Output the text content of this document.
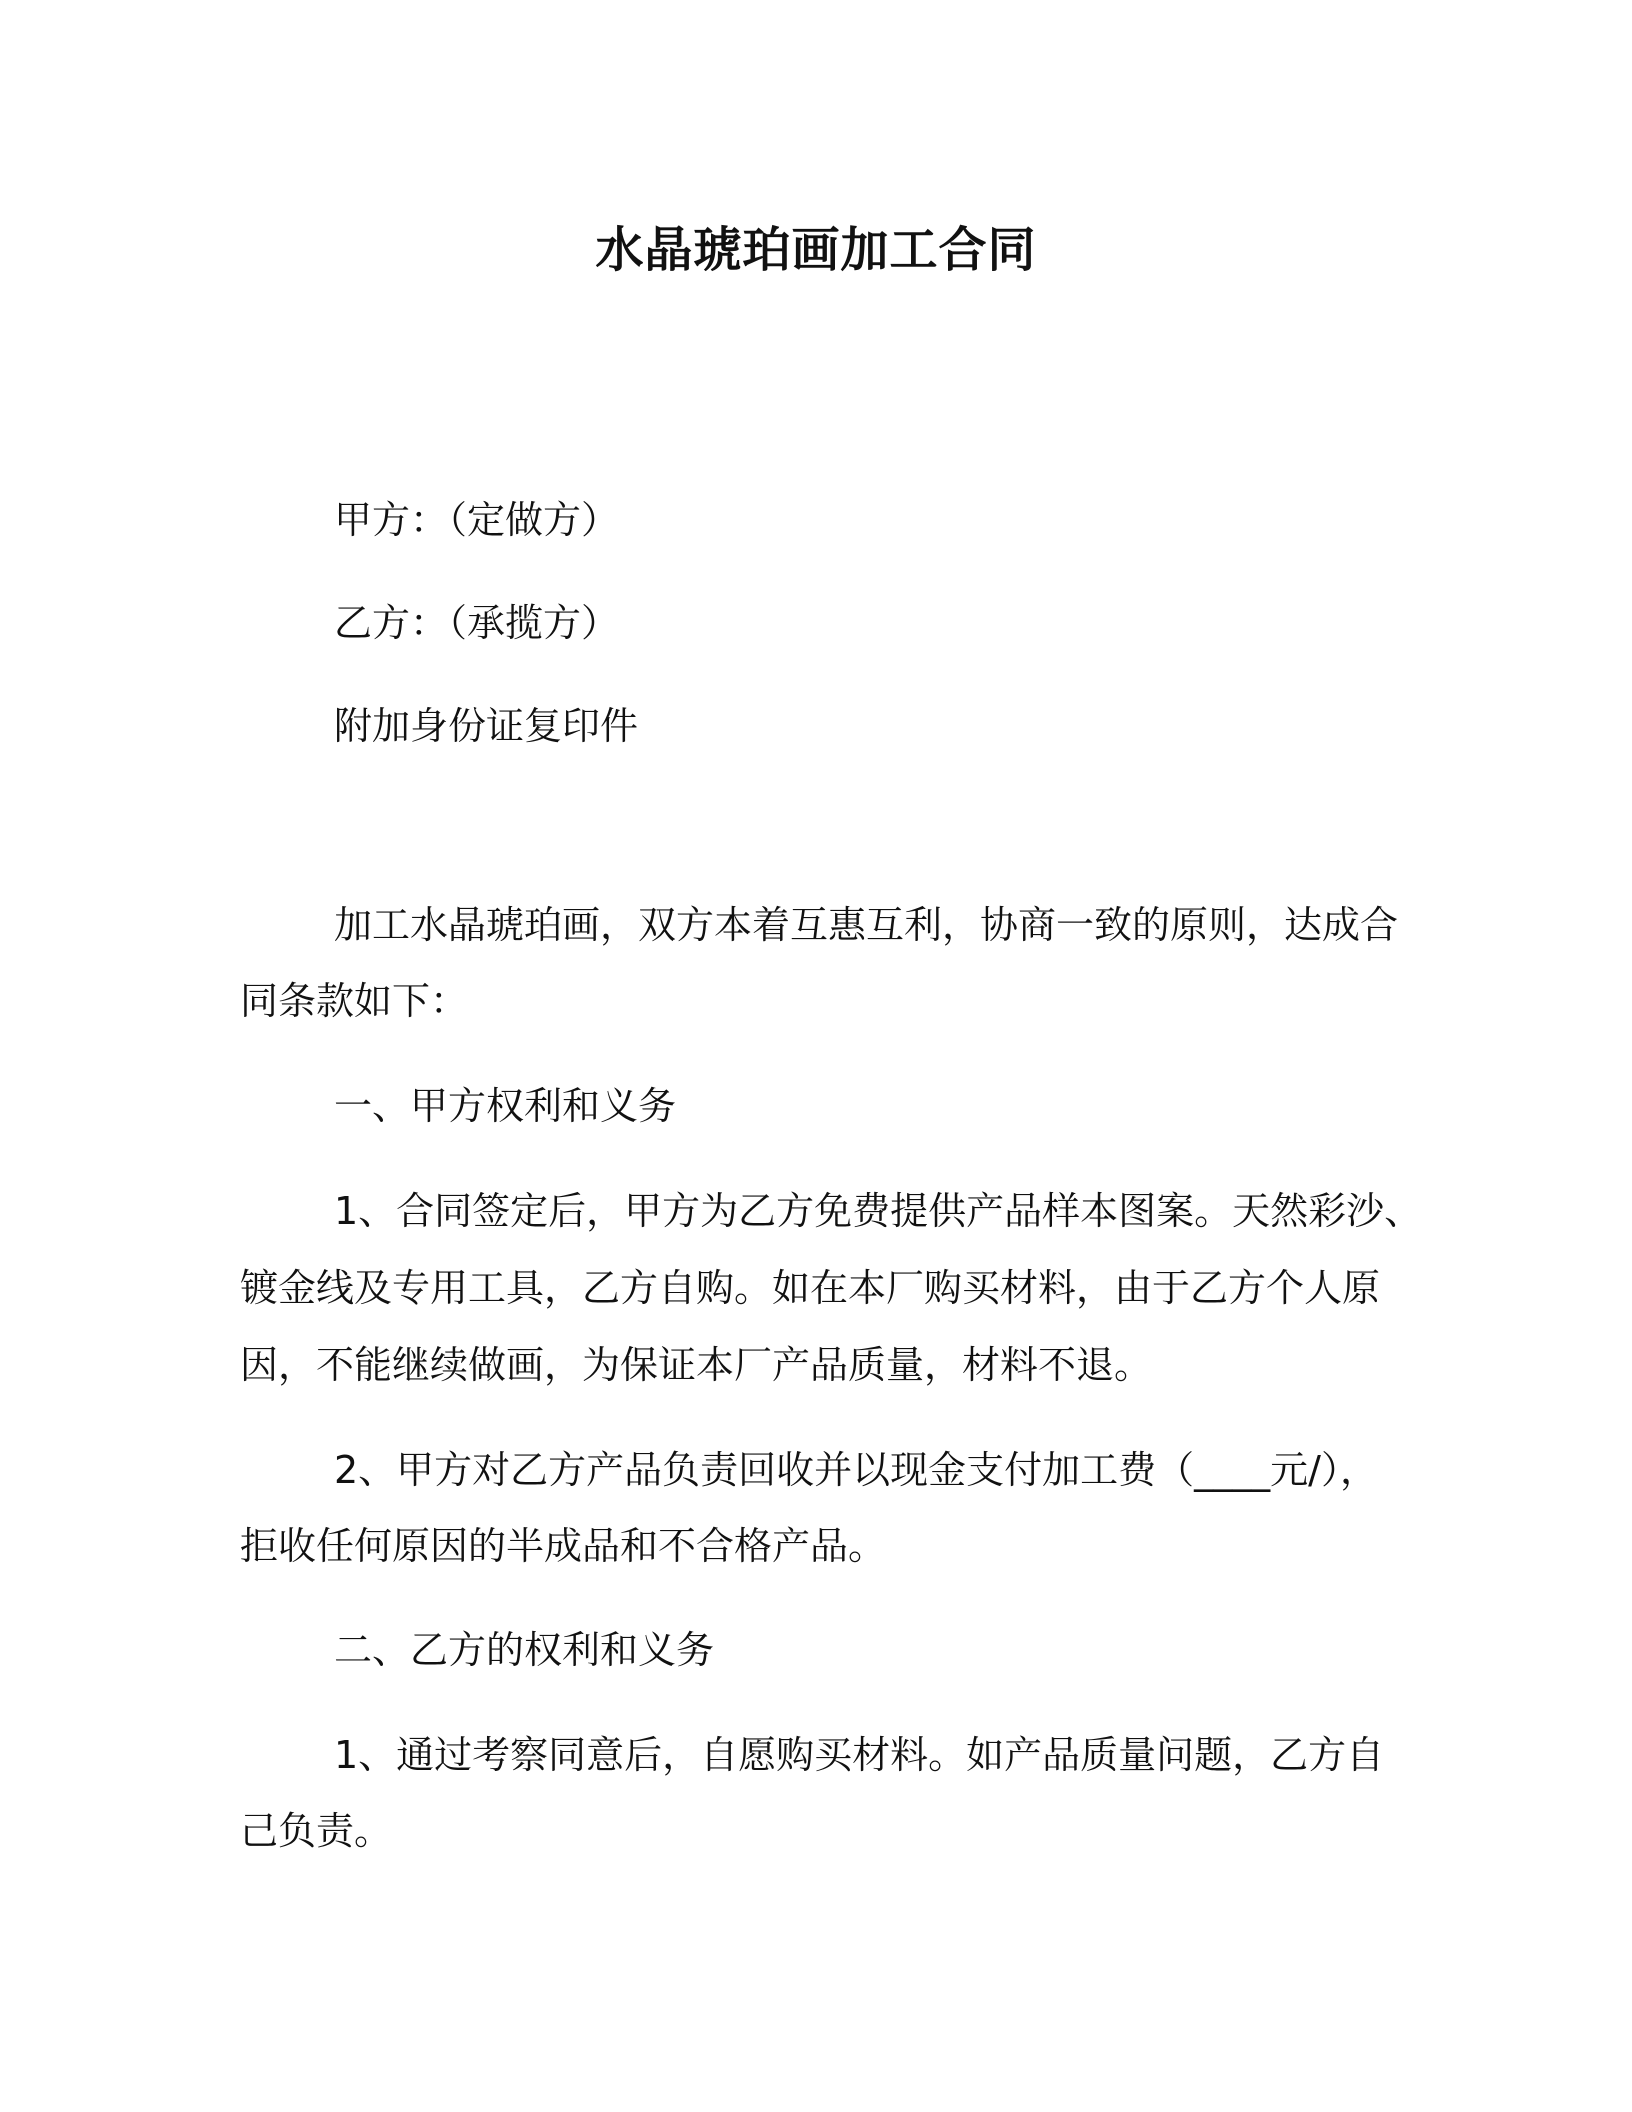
水晶琥珀画加工合同
甲方：（定做方）
乙方：（承揽方）
附加身份证复印件
加工水晶琥珀画，双方本着互惠互利，协商一致的原则，达成合
同条款如下：
一、甲方权利和义务
1、合同签定后，甲方为乙方免费提供产品样本图案。天然彩沙、
镀金线及专用工具，乙方自购。如在本厂购买材料，由于乙方个人原
因，不能继续做画，为保证本厂产品质量，材料不退。
2、甲方对乙方产品负责回收并以现金支付加工费（____元/），
拒收任何原因的半成品和不合格产品。
二、乙方的权利和义务
1、通过考察同意后，自愿购买材料。如产品质量问题，乙方自
己负责。
